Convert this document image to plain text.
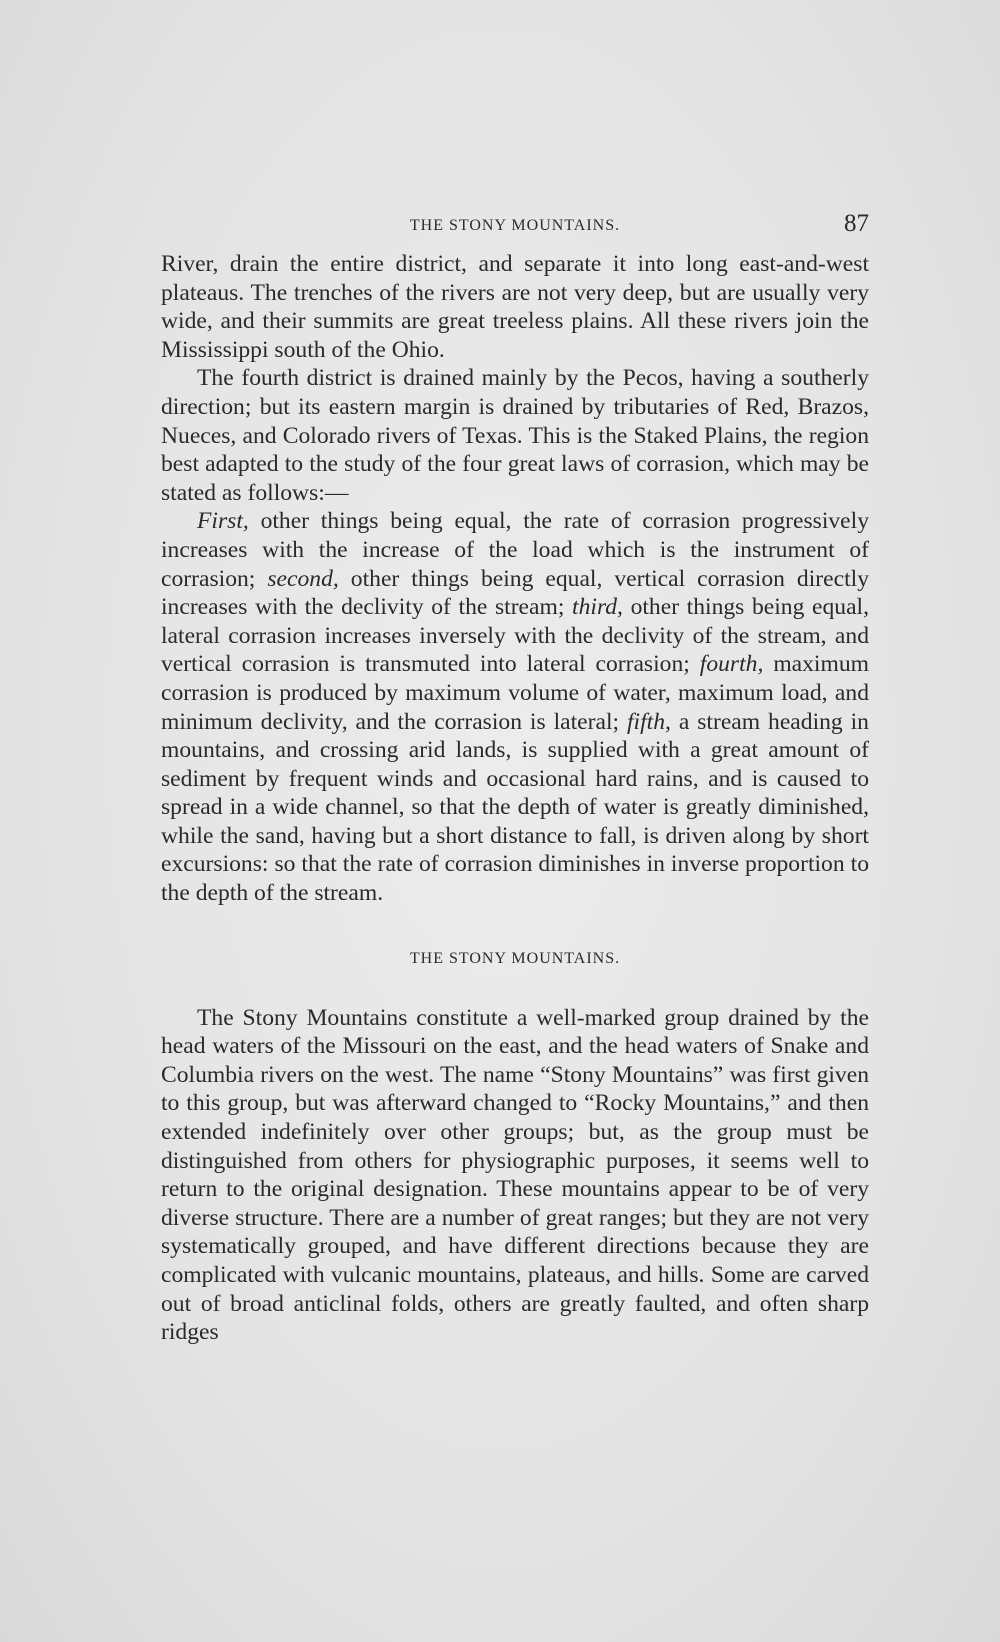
THE STONY MOUNTAINS.	87

River, drain the entire district, and separate it into long east-and-west plateaus. The trenches of the rivers are not very deep, but are usually very wide, and their summits are great treeless plains. All these rivers join the Mississippi south of the Ohio.

The fourth district is drained mainly by the Pecos, having a southerly direction; but its eastern margin is drained by tributaries of Red, Brazos, Nueces, and Colorado rivers of Texas. This is the Staked Plains, the region best adapted to the study of the four great laws of corrasion, which may be stated as follows:—

First, other things being equal, the rate of corrasion progressively increases with the increase of the load which is the instrument of corrasion; second, other things being equal, vertical corrasion directly increases with the declivity of the stream; third, other things being equal, lateral corrasion increases inversely with the declivity of the stream, and vertical corrasion is transmuted into lateral corrasion; fourth, maximum corrasion is produced by maximum volume of water, maximum load, and minimum declivity, and the corrasion is lateral; fifth, a stream heading in mountains, and crossing arid lands, is supplied with a great amount of sediment by frequent winds and occasional hard rains, and is caused to spread in a wide channel, so that the depth of water is greatly diminished, while the sand, having but a short distance to fall, is driven along by short excursions: so that the rate of corrasion diminishes in inverse proportion to the depth of the stream.

THE STONY MOUNTAINS.

The Stony Mountains constitute a well-marked group drained by the head waters of the Missouri on the east, and the head waters of Snake and Columbia rivers on the west. The name “Stony Mountains” was first given to this group, but was afterward changed to “Rocky Mountains,” and then extended indefinitely over other groups; but, as the group must be distinguished from others for physiographic purposes, it seems well to return to the original designation. These mountains appear to be of very diverse structure. There are a number of great ranges; but they are not very systematically grouped, and have different directions because they are complicated with vulcanic mountains, plateaus, and hills. Some are carved out of broad anticlinal folds, others are greatly faulted, and often sharp ridges
